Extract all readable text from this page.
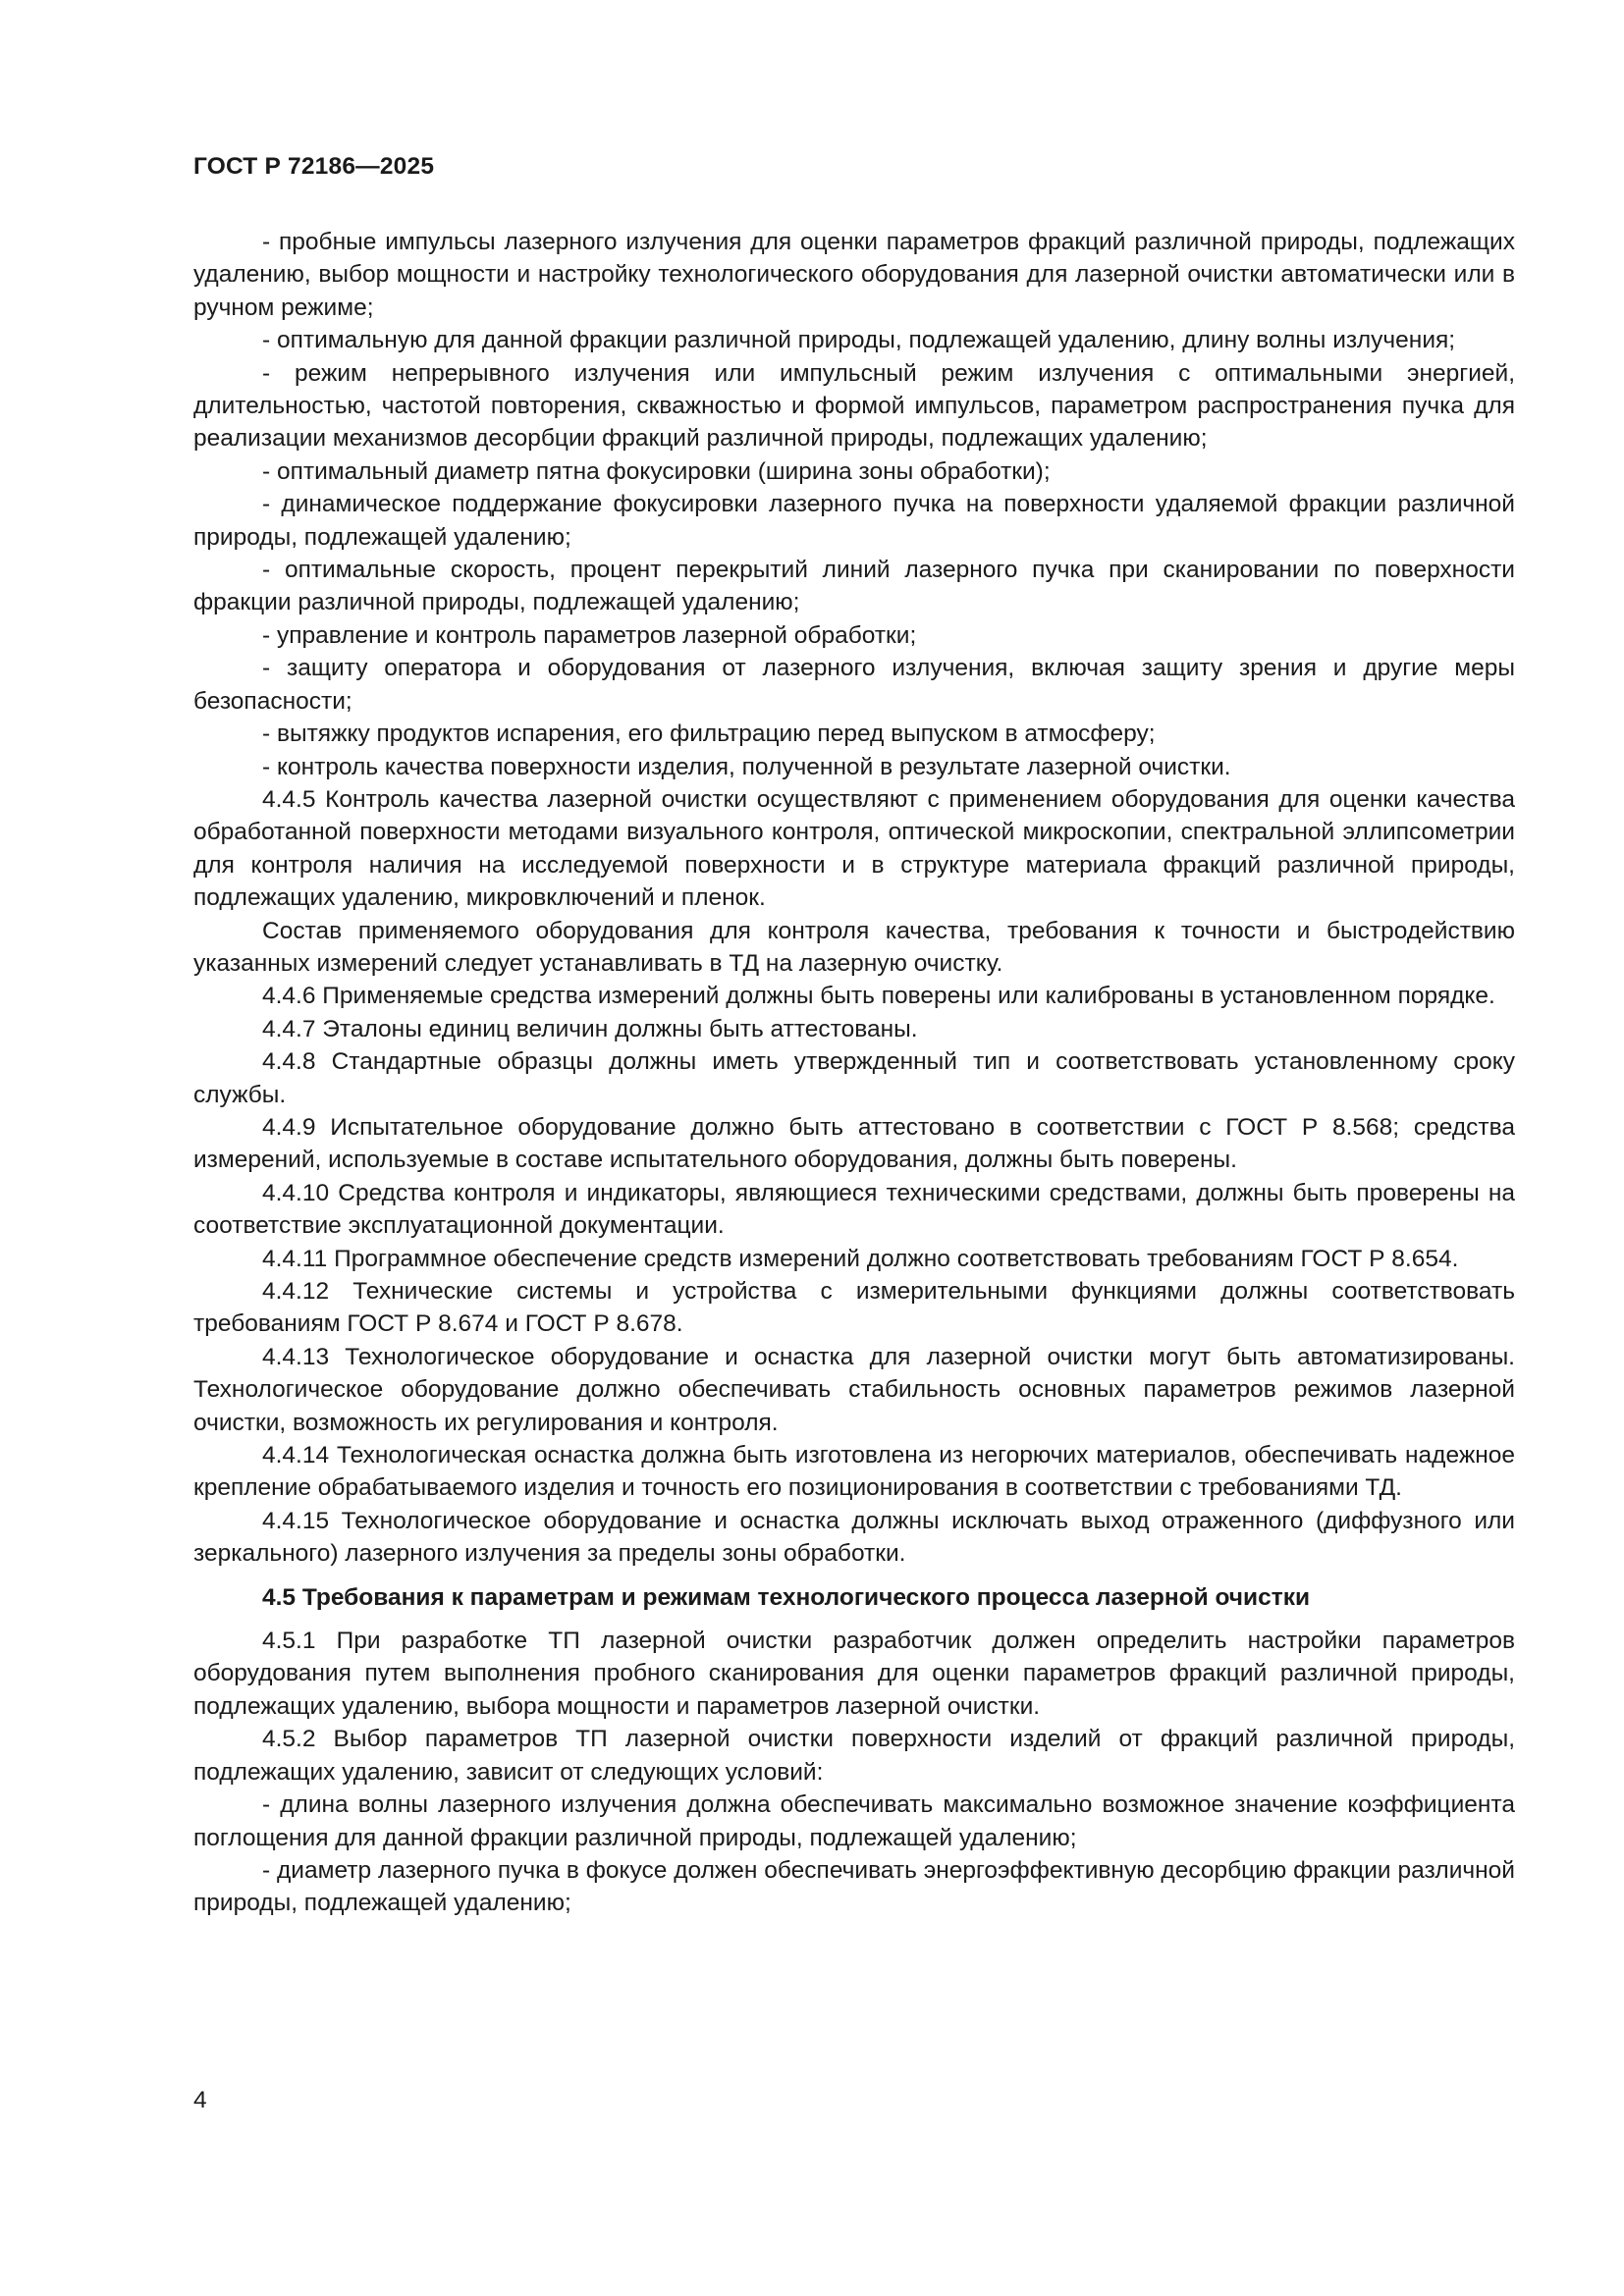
ГОСТ Р 72186—2025

- пробные импульсы лазерного излучения для оценки параметров фракций различной природы, подлежащих удалению, выбор мощности и настройку технологического оборудования для лазерной очистки автоматически или в ручном режиме;

- оптимальную для данной фракции различной природы, подлежащей удалению, длину волны излучения;

- режим непрерывного излучения или импульсный режим излучения с оптимальными энергией, длительностью, частотой повторения, скважностью и формой импульсов, параметром распространения пучка для реализации механизмов десорбции фракций различной природы, подлежащих удалению;

- оптимальный диаметр пятна фокусировки (ширина зоны обработки);

- динамическое поддержание фокусировки лазерного пучка на поверхности удаляемой фракции различной природы, подлежащей удалению;

- оптимальные скорость, процент перекрытий линий лазерного пучка при сканировании по поверхности фракции различной природы, подлежащей удалению;

- управление и контроль параметров лазерной обработки;

- защиту оператора и оборудования от лазерного излучения, включая защиту зрения и другие меры безопасности;

- вытяжку продуктов испарения, его фильтрацию перед выпуском в атмосферу;

- контроль качества поверхности изделия, полученной в результате лазерной очистки.

4.4.5 Контроль качества лазерной очистки осуществляют с применением оборудования для оценки качества обработанной поверхности методами визуального контроля, оптической микроскопии, спектральной эллипсометрии для контроля наличия на исследуемой поверхности и в структуре материала фракций различной природы, подлежащих удалению, микровключений и пленок.

Состав применяемого оборудования для контроля качества, требования к точности и быстродействию указанных измерений следует устанавливать в ТД на лазерную очистку.

4.4.6 Применяемые средства измерений должны быть поверены или калиброваны в установленном порядке.

4.4.7 Эталоны единиц величин должны быть аттестованы.

4.4.8 Стандартные образцы должны иметь утвержденный тип и соответствовать установленному сроку службы.

4.4.9 Испытательное оборудование должно быть аттестовано в соответствии с ГОСТ Р 8.568; средства измерений, используемые в составе испытательного оборудования, должны быть поверены.

4.4.10 Средства контроля и индикаторы, являющиеся техническими средствами, должны быть проверены на соответствие эксплуатационной документации.

4.4.11 Программное обеспечение средств измерений должно соответствовать требованиям ГОСТ Р 8.654.

4.4.12 Технические системы и устройства с измерительными функциями должны соответствовать требованиям ГОСТ Р 8.674 и ГОСТ Р 8.678.

4.4.13 Технологическое оборудование и оснастка для лазерной очистки могут быть автоматизированы. Технологическое оборудование должно обеспечивать стабильность основных параметров режимов лазерной очистки, возможность их регулирования и контроля.

4.4.14 Технологическая оснастка должна быть изготовлена из негорючих материалов, обеспечивать надежное крепление обрабатываемого изделия и точность его позиционирования в соответствии с требованиями ТД.

4.4.15 Технологическое оборудование и оснастка должны исключать выход отраженного (диффузного или зеркального) лазерного излучения за пределы зоны обработки.

4.5 Требования к параметрам и режимам технологического процесса лазерной очистки

4.5.1 При разработке ТП лазерной очистки разработчик должен определить настройки параметров оборудования путем выполнения пробного сканирования для оценки параметров фракций различной природы, подлежащих удалению, выбора мощности и параметров лазерной очистки.

4.5.2 Выбор параметров ТП лазерной очистки поверхности изделий от фракций различной природы, подлежащих удалению, зависит от следующих условий:

- длина волны лазерного излучения должна обеспечивать максимально возможное значение коэффициента поглощения для данной фракции различной природы, подлежащей удалению;

- диаметр лазерного пучка в фокусе должен обеспечивать энергоэффективную десорбцию фракции различной природы, подлежащей удалению;

4
